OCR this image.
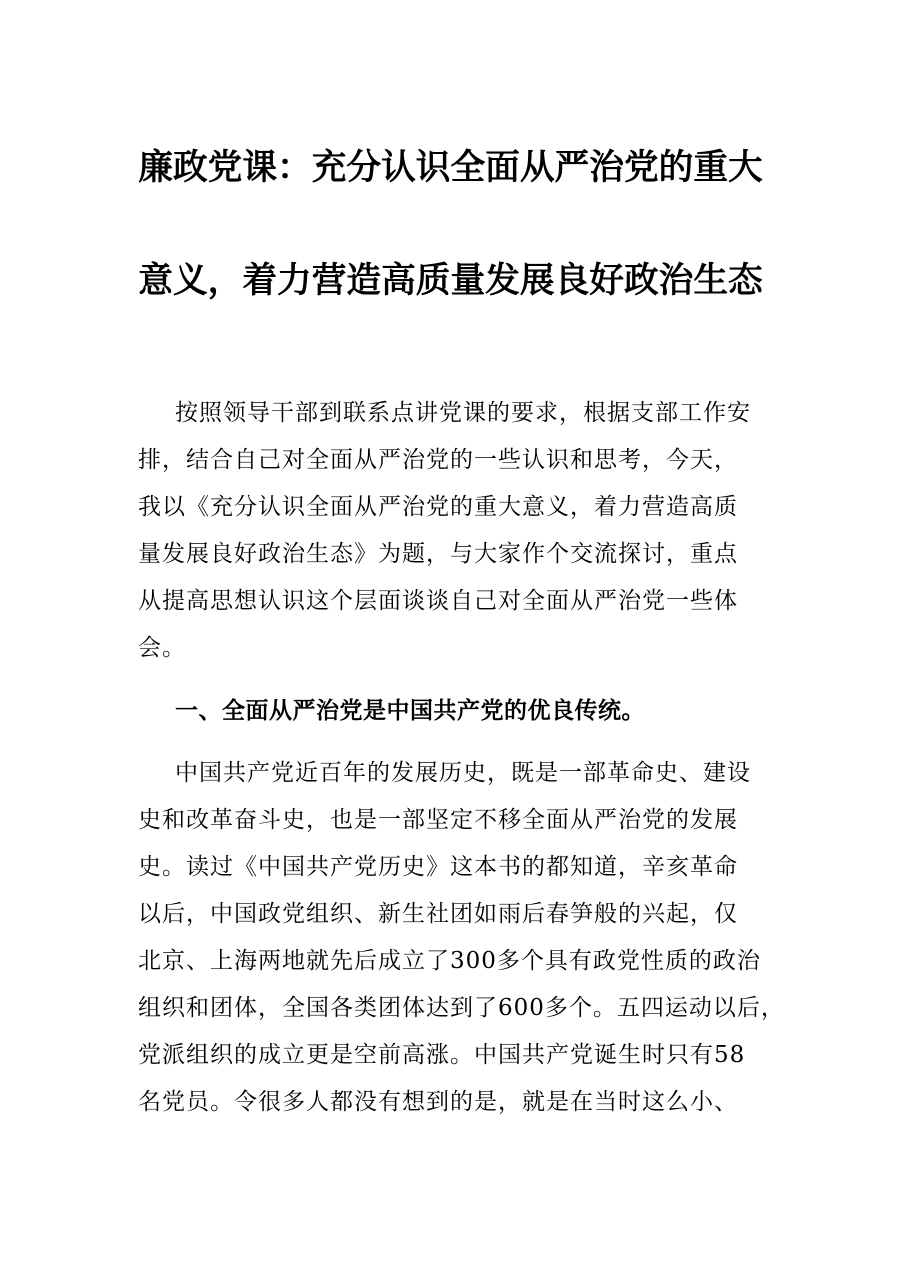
廉政党课：充分认识全面从严治党的重大
意义，着力营造高质量发展良好政治生态
按照领导干部到联系点讲党课的要求，根据支部工作安
排，结合自己对全面从严治党的一些认识和思考，今天，
我以《充分认识全面从严治党的重大意义，着力营造高质
量发展良好政治生态》为题，与大家作个交流探讨，重点
从提高思想认识这个层面谈谈自己对全面从严治党一些体
会。
一、全面从严治党是中国共产党的优良传统。
中国共产党近百年的发展历史，既是一部革命史、建设
史和改革奋斗史，也是一部坚定不移全面从严治党的发展
史。读过《中国共产党历史》这本书的都知道，辛亥革命
以后，中国政党组织、新生社团如雨后春笋般的兴起，仅
北京、上海两地就先后成立了300多个具有政党性质的政治
组织和团体，全国各类团体达到了600多个。五四运动以后，
党派组织的成立更是空前高涨。中国共产党诞生时只有58
名党员。令很多人都没有想到的是，就是在当时这么小、
